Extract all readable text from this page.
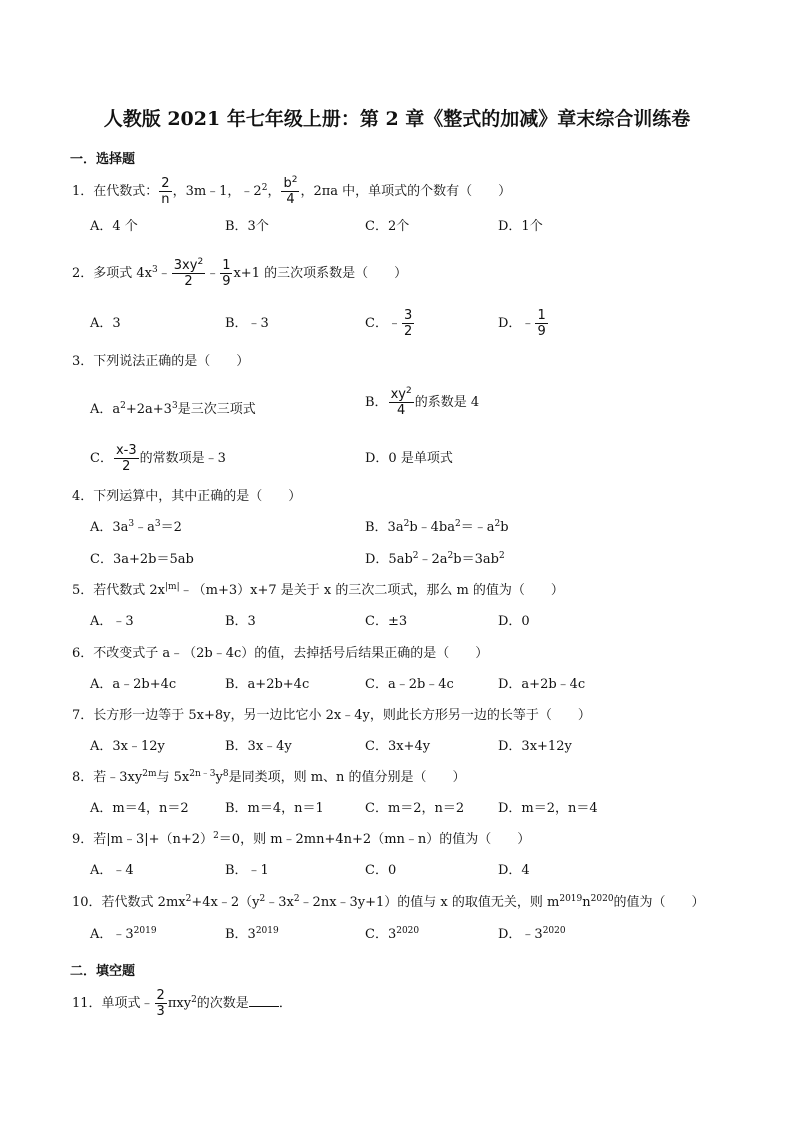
人教版 2021 年七年级上册：第 2 章《整式的加减》章末综合训练卷
一．选择题
1．在代数式： $\frac{2}{n}$ ，3m﹣1，$﹣2^2$， $\frac{b^2}{4}$ ，2πa 中，单项式的个数有（　　）
A．4 个	B．3个	C．2个	D．1个
2．多项式 $4x^3﹣ \frac{3xy^2}{2}$ ﹣ $\frac{1}{9} x+1$ 的三次项系数是（　　）
A．3	B．﹣3	C．﹣ $\frac{3}{2}$	D．﹣ $\frac{1}{9}$
3．下列说法正确的是（　　）
A．$a^2+2a+3^3$是三次三项式	B． $\frac{xy^2}{4}$ 的系数是 4
C． $\frac{x-3}{2}$ 的常数项是﹣3	D．0 是单项式
4．下列运算中，其中正确的是（　　）
A．$3a^3﹣a^3=2$	B．$3a^2b﹣4ba^2=﹣a^2b$
C．3a+2b＝5ab	D．$5ab^2﹣2a^2b=3ab^2$
5．若代数式 $2x^{|m|}﹣(m+3)x+7$ 是关于 x 的三次二项式，那么 m 的值为（　　）
A．﹣3	B．3	C．±3	D．0
6．不改变式子 a﹣（2b﹣4c）的值，去掉括号后结果正确的是（　　）
A．a﹣2b+4c	B．a+2b+4c	C．a﹣2b﹣4c	D．a+2b﹣4c
7．长方形一边等于 5x+8y，另一边比它小 2x﹣4y，则此长方形另一边的长等于（　　）
A．3x﹣12y	B．3x﹣4y	C．3x+4y	D．3x+12y
8．若$﹣3xy^{2m}$与 $5x^{2n﹣3}y^8$是同类项，则 m、n 的值分别是（　　）
A．m＝4，n＝2	B．m＝4，n＝1	C．m＝2，n＝2	D．m＝2，n＝4
9．若$|m﹣3|+(n+2)^2=0$，则 m﹣2mn+4n+2（mn﹣n）的值为（　　）
A．﹣4	B．﹣1	C．0	D．4
10．若代数式 $2mx^2+4x﹣2(y^2﹣3x^2﹣2nx﹣3y+1)$的值与 x 的取值无关，则 $m^{2019}n^{2020}$的值为（　　）
A．$﹣3^{2019}$	B．$3^{2019}$	C．$3^{2020}$	D．$﹣3^{2020}$
二．填空题
11．单项式﹣ $\frac{2}{3} \pi xy^2$的次数是 ．
